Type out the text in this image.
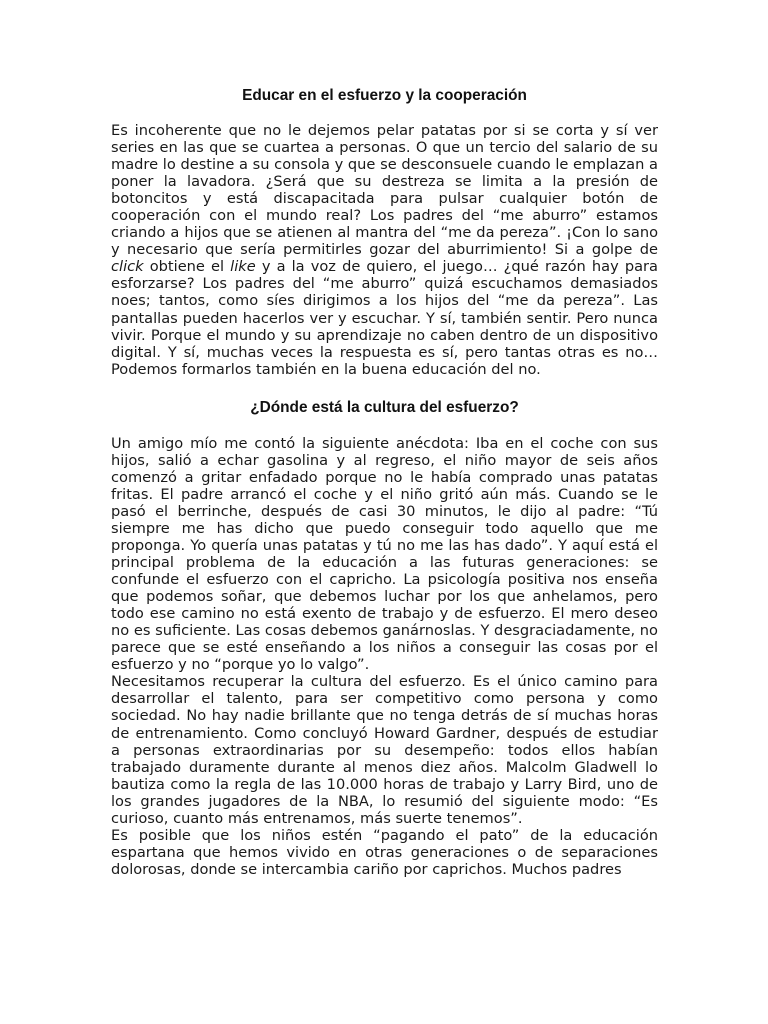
Educar en el esfuerzo y la cooperación

Es incoherente que no le dejemos pelar patatas por si se corta y sí ver series en las que se cuartea a personas. O que un tercio del salario de su madre lo destine a su consola y que se desconsuele cuando le emplazan a poner la lavadora. ¿Será que su destreza se limita a la presión de botoncitos y está discapacitada para pulsar cualquier botón de cooperación con el mundo real? Los padres del “me aburro” estamos criando a hijos que se atienen al mantra del “me da pereza”. ¡Con lo sano y necesario que sería permitirles gozar del aburrimiento! Si a golpe de click obtiene el like y a la voz de quiero, el juego… ¿qué razón hay para esforzarse? Los padres del “me aburro” quizá escuchamos demasiados noes; tantos, como síes dirigimos a los hijos del “me da pereza”. Las pantallas pueden hacerlos ver y escuchar. Y sí, también sentir. Pero nunca vivir. Porque el mundo y su aprendizaje no caben dentro de un dispositivo digital. Y sí, muchas veces la respuesta es sí, pero tantas otras es no… Podemos formarlos también en la buena educación del no.

¿Dónde está la cultura del esfuerzo?

Un amigo mío me contó la siguiente anécdota: Iba en el coche con sus hijos, salió a echar gasolina y al regreso, el niño mayor de seis años comenzó a gritar enfadado porque no le había comprado unas patatas fritas. El padre arrancó el coche y el niño gritó aún más. Cuando se le pasó el berrinche, después de casi 30 minutos, le dijo al padre: “Tú siempre me has dicho que puedo conseguir todo aquello que me proponga. Yo quería unas patatas y tú no me las has dado”. Y aquí está el principal problema de la educación a las futuras generaciones: se confunde el esfuerzo con el capricho. La psicología positiva nos enseña que podemos soñar, que debemos luchar por los que anhelamos, pero todo ese camino no está exento de trabajo y de esfuerzo. El mero deseo no es suficiente. Las cosas debemos ganárnoslas. Y desgraciadamente, no parece que se esté enseñando a los niños a conseguir las cosas por el esfuerzo y no “porque yo lo valgo”.

Necesitamos recuperar la cultura del esfuerzo. Es el único camino para desarrollar el talento, para ser competitivo como persona y como sociedad. No hay nadie brillante que no tenga detrás de sí muchas horas de entrenamiento. Como concluyó Howard Gardner, después de estudiar a personas extraordinarias por su desempeño: todos ellos habían trabajado duramente durante al menos diez años. Malcolm Gladwell lo bautiza como la regla de las 10.000 horas de trabajo y Larry Bird, uno de los grandes jugadores de la NBA, lo resumió del siguiente modo: “Es curioso, cuanto más entrenamos, más suerte tenemos”.

Es posible que los niños estén “pagando el pato” de la educación espartana que hemos vivido en otras generaciones o de separaciones dolorosas, donde se intercambia cariño por caprichos. Muchos padres
